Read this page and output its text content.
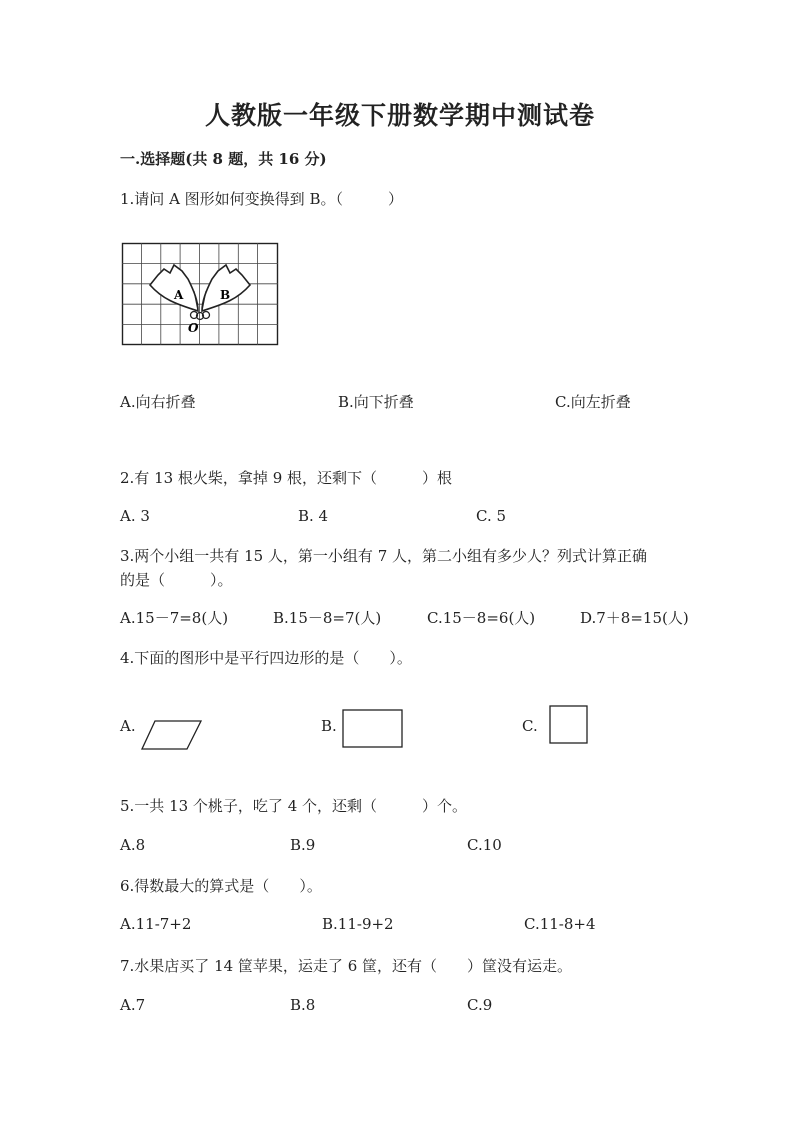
人教版一年级下册数学期中测试卷
一.选择题(共 8 题，共 16 分)
1.请问 A 图形如何变换得到 B。（　　　）
A	B
O
A.向右折叠	B.向下折叠	C.向左折叠
2.有 13 根火柴，拿掉 9 根，还剩下（　　　）根
A. 3	B. 4	C. 5
3.两个小组一共有 15 人，第一小组有 7 人，第二小组有多少人？列式计算正确
的是（　　　）。
A.15－7=8(人)	B.15－8=7(人)	C.15－8=6(人)	D.7＋8=15(人)
4.下面的图形中是平行四边形的是（　　）。
A.	B.	C.
5.一共 13 个桃子，吃了 4 个，还剩（　　　）个。
A.8	B.9	C.10
6.得数最大的算式是（　　）。
A.11-7+2	B.11-9+2	C.11-8+4
7.水果店买了 14 筐苹果，运走了 6 筐，还有（　　）筐没有运走。
A.7	B.8	C.9
